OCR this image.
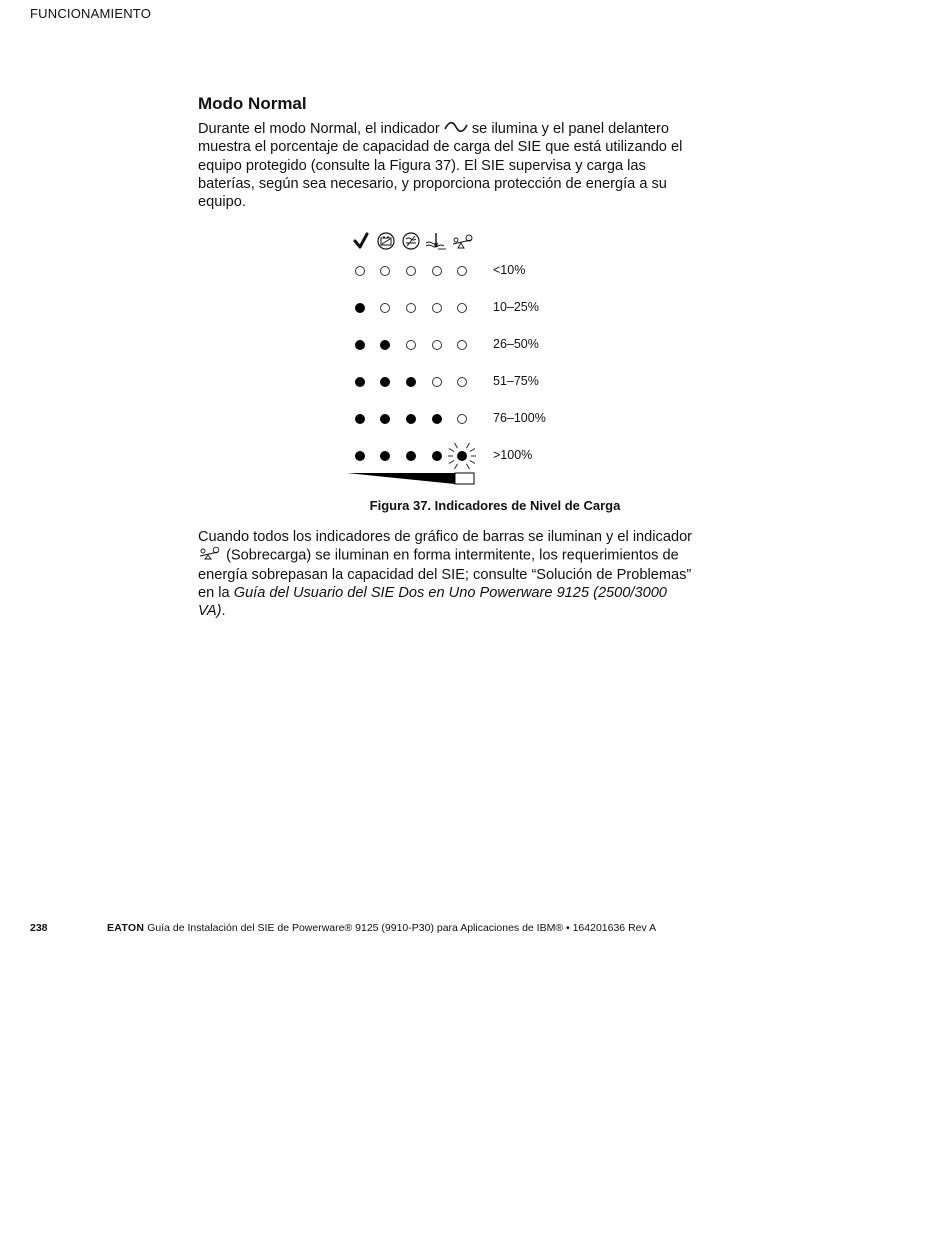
FUNCIONAMIENTO
Modo Normal

Durante el modo Normal, el indicador se ilumina y el panel delantero muestra el porcentaje de capacidad de carga del SIE que está utilizando el equipo protegido (consulte la Figura 37). El SIE supervisa y carga las baterías, según sea necesario, y proporciona protección de energía a su equipo.

<10%
10–25%
26–50%
51–75%
76–100%
>100%
Figura 37. Indicadores de Nivel de Carga

Cuando todos los indicadores de gráfico de barras se iluminan y el indicador  (Sobrecarga) se iluminan en forma intermitente, los requerimientos de energía sobrepasan la capacidad del SIE; consulte “Solución de Problemas” en la Guía del Usuario del SIE Dos en Uno Powerware 9125 (2500/3000 VA).

238	EATON Guía de Instalación del SIE de Powerware® 9125 (9910-P30) para Aplicaciones de IBM® • 164201636 Rev A
